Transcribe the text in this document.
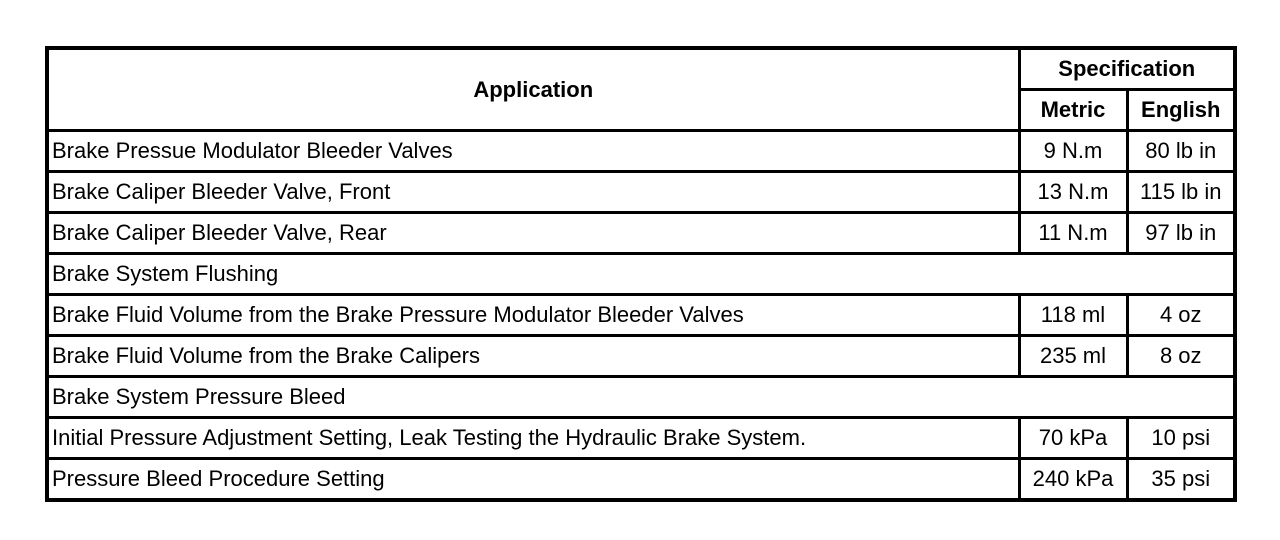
Application	Specification	
	Metric	English
Brake Pressue Modulator Bleeder Valves	9 N.m	80 lb in
Brake Caliper Bleeder Valve, Front	13 N.m	115 lb in
Brake Caliper Bleeder Valve, Rear	11 N.m	97 lb in
Brake System Flushing		
Brake Fluid Volume from the Brake Pressure Modulator Bleeder Valves	118 ml	4 oz
Brake Fluid Volume from the Brake Calipers	235 ml	8 oz
Brake System Pressure Bleed		
Initial Pressure Adjustment Setting, Leak Testing the Hydraulic Brake System.	70 kPa	10 psi
Pressure Bleed Procedure Setting	240 kPa	35 psi
